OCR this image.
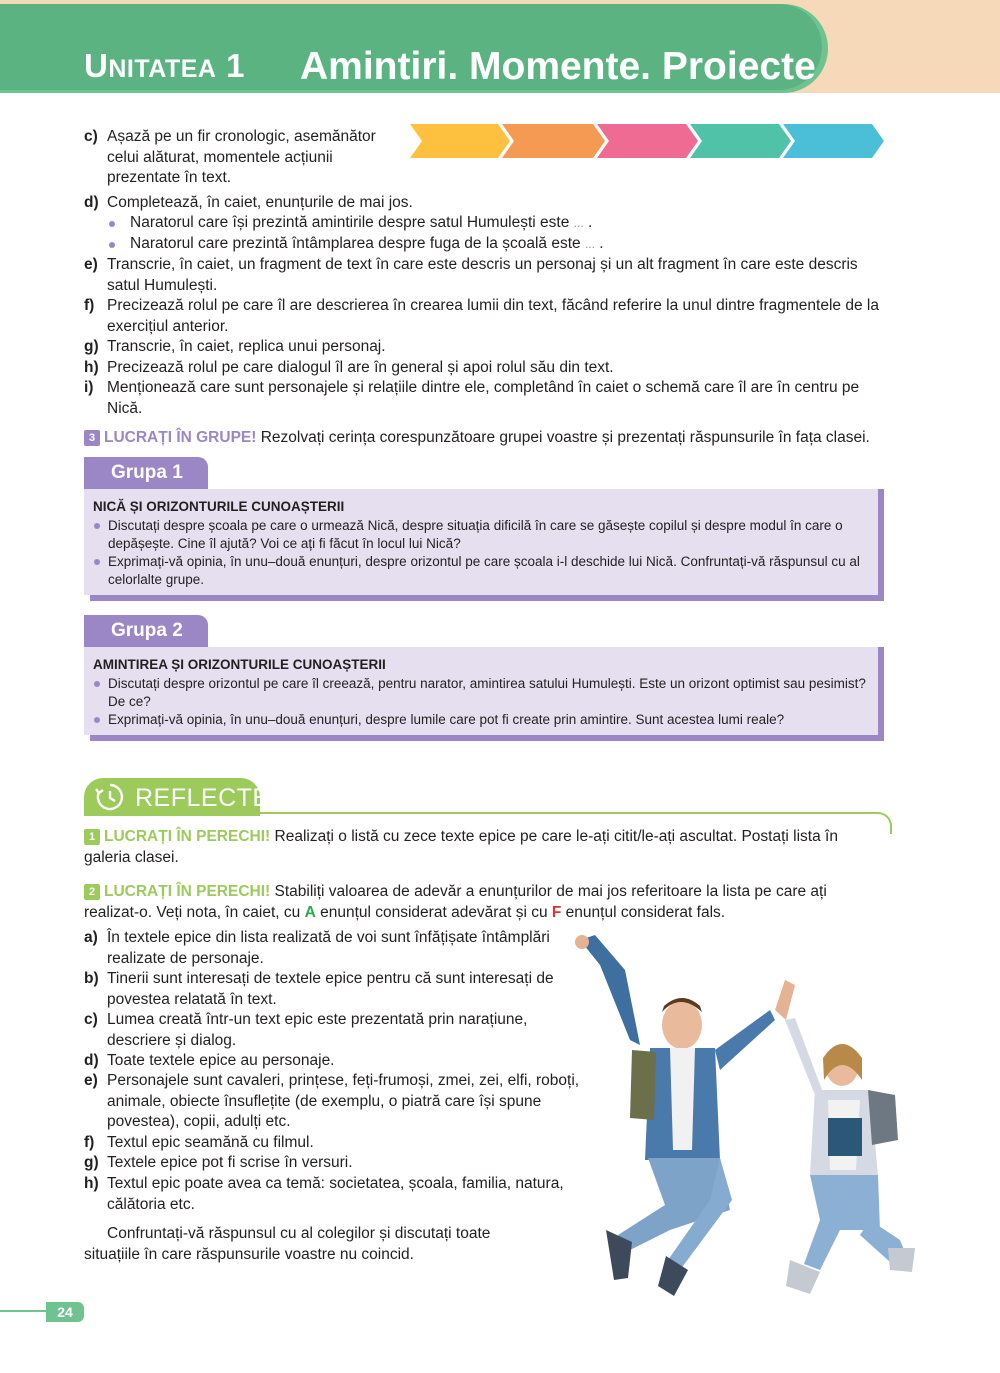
UNITATEA 1 Amintiri. Momente. Proiecte
c) Așază pe un fir cronologic, asemănător celui alăturat, momentele acțiunii prezentate în text.
d) Completează, în caiet, enunțurile de mai jos.
Naratorul care își prezintă amintirile despre satul Humulești este ... .
Naratorul care prezintă întâmplarea despre fuga de la școală este ... .
e) Transcrie, în caiet, un fragment de text în care este descris un personaj și un alt fragment în care este descris satul Humulești.
f) Precizează rolul pe care îl are descrierea în crearea lumii din text, făcând referire la unul dintre fragmentele de la exercițiul anterior.
g) Transcrie, în caiet, replica unui personaj.
h) Precizează rolul pe care dialogul îl are în general și apoi rolul său din text.
i) Menționează care sunt personajele și relațiile dintre ele, completând în caiet o schemă care îl are în centru pe Nică.
3 LUCRAȚI ÎN GRUPE! Rezolvați cerința corespunzătoare grupei voastre și prezentați răspunsurile în fața clasei.
Grupa 1
NICĂ ȘI ORIZONTURILE CUNOAȘTERII
Discutați despre școala pe care o urmează Nică, despre situația dificilă în care se găsește copilul și despre modul în care o depășește. Cine îl ajută? Voi ce ați fi făcut în locul lui Nică?
Exprimați-vă opinia, în unu–două enunțuri, despre orizontul pe care școala i-l deschide lui Nică. Confruntați-vă răspunsul cu al celorlalte grupe.
Grupa 2
AMINTIREA ȘI ORIZONTURILE CUNOAȘTERII
Discutați despre orizontul pe care îl creează, pentru narator, amintirea satului Humulești. Este un orizont optimist sau pesimist? De ce?
Exprimați-vă opinia, în unu–două enunțuri, despre lumile care pot fi create prin amintire. Sunt acestea lumi reale?
REFLECTEZ
1 LUCRAȚI ÎN PERECHI! Realizați o listă cu zece texte epice pe care le-ați citit/le-ați ascultat. Postați lista în galeria clasei.
2 LUCRAȚI ÎN PERECHI! Stabiliți valoarea de adevăr a enunțurilor de mai jos referitoare la lista pe care ați realizat-o. Veți nota, în caiet, cu A enunțul considerat adevărat și cu F enunțul considerat fals.
a) În textele epice din lista realizată de voi sunt înfățișate întâmplări realizate de personaje.
b) Tinerii sunt interesați de textele epice pentru că sunt interesați de povestea relatată în text.
c) Lumea creată într-un text epic este prezentată prin narațiune, descriere și dialog.
d) Toate textele epice au personaje.
e) Personajele sunt cavaleri, prințese, feți-frumoși, zmei, zei, elfi, roboți, animale, obiecte însuflețite (de exemplu, o piatră care își spune povestea), copii, adulți etc.
f) Textul epic seamănă cu filmul.
g) Textele epice pot fi scrise în versuri.
h) Textul epic poate avea ca temă: societatea, școala, familia, natura, călătoria etc.
Confruntați-vă răspunsul cu al colegilor și discutați toate situațiile în care răspunsurile voastre nu coincid.
24
